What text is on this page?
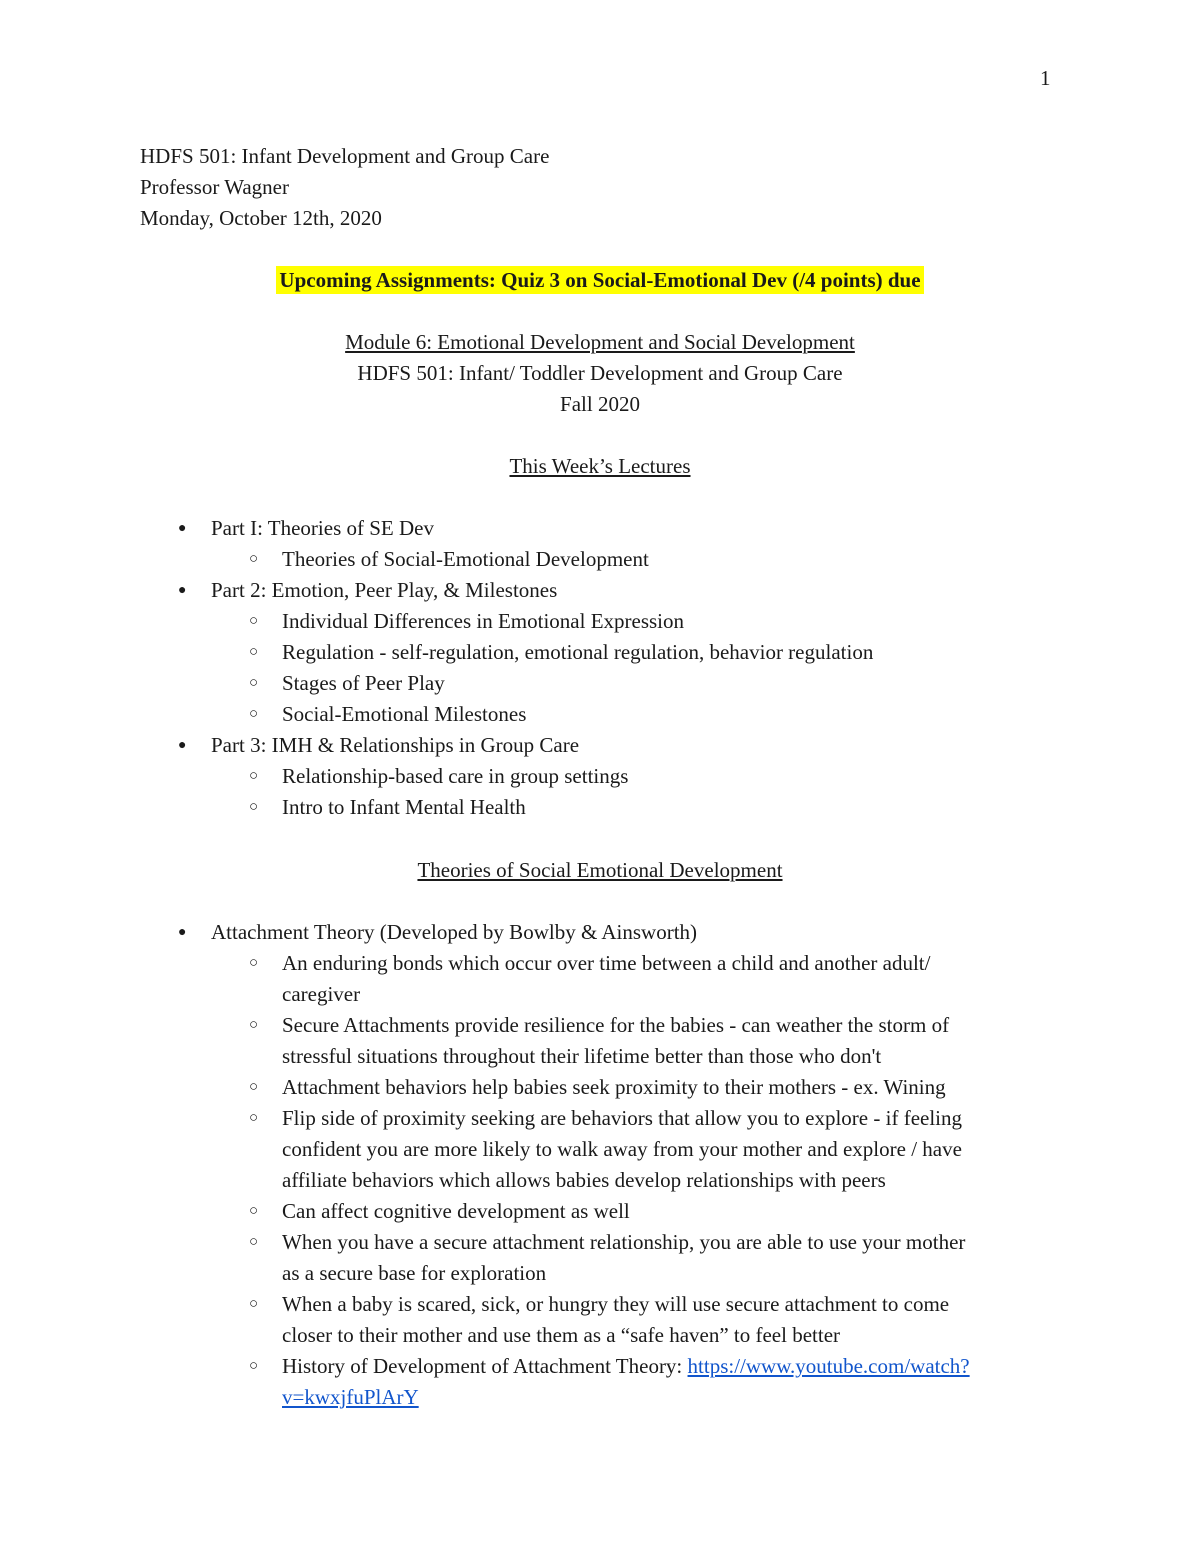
1
HDFS 501: Infant Development and Group Care
Professor Wagner
Monday, October 12th, 2020
Upcoming Assignments: Quiz 3 on Social-Emotional Dev (/4 points) due
Module 6: Emotional Development and Social Development
HDFS 501: Infant/ Toddler Development and Group Care
Fall 2020
This Week’s Lectures
● Part I: Theories of SE Dev
○ Theories of Social-Emotional Development
● Part 2: Emotion, Peer Play, & Milestones
○ Individual Differences in Emotional Expression
○ Regulation - self-regulation, emotional regulation, behavior regulation
○ Stages of Peer Play
○ Social-Emotional Milestones
● Part 3: IMH & Relationships in Group Care
○ Relationship-based care in group settings
○ Intro to Infant Mental Health
Theories of Social Emotional Development
● Attachment Theory (Developed by Bowlby & Ainsworth)
○ An enduring bonds which occur over time between a child and another adult/
caregiver
○ Secure Attachments provide resilience for the babies - can weather the storm of
stressful situations throughout their lifetime better than those who don't
○ Attachment behaviors help babies seek proximity to their mothers - ex. Wining
○ Flip side of proximity seeking are behaviors that allow you to explore - if feeling
confident you are more likely to walk away from your mother and explore / have
affiliate behaviors which allows babies develop relationships with peers
○ Can affect cognitive development as well
○ When you have a secure attachment relationship, you are able to use your mother
as a secure base for exploration
○ When a baby is scared, sick, or hungry they will use secure attachment to come
closer to their mother and use them as a “safe haven” to feel better
○ History of Development of Attachment Theory: https://www.youtube.com/watch?
v=kwxjfuPlArY
